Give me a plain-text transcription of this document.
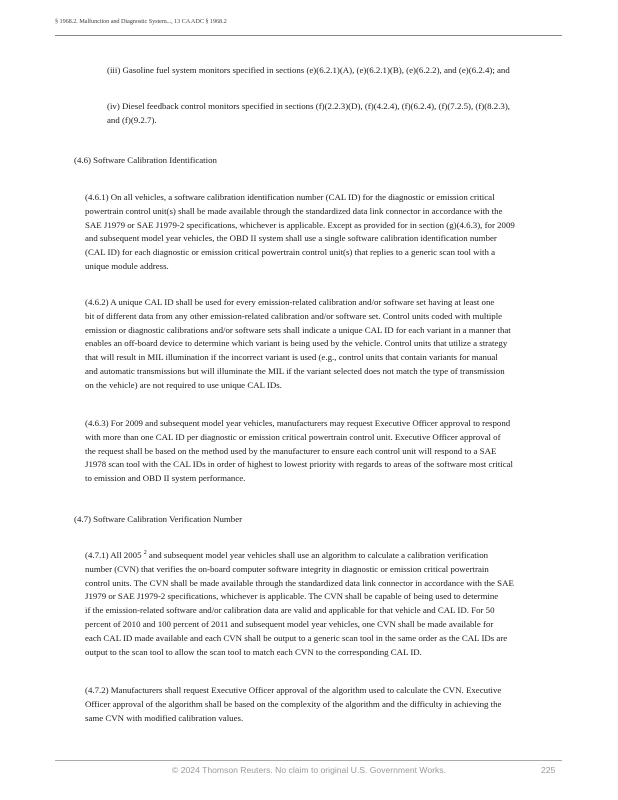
§ 1968.2. Malfunction and Diagnostic System..., 13 CA ADC § 1968.2
(iii) Gasoline fuel system monitors specified in sections (e)(6.2.1)(A), (e)(6.2.1)(B), (e)(6.2.2), and (e)(6.2.4); and
(iv) Diesel feedback control monitors specified in sections (f)(2.2.3)(D), (f)(4.2.4), (f)(6.2.4), (f)(7.2.5), (f)(8.2.3),
and (f)(9.2.7).
(4.6) Software Calibration Identification
(4.6.1) On all vehicles, a software calibration identification number (CAL ID) for the diagnostic or emission critical
powertrain control unit(s) shall be made available through the standardized data link connector in accordance with the
SAE J1979 or SAE J1979-2 specifications, whichever is applicable. Except as provided for in section (g)(4.6.3), for 2009
and subsequent model year vehicles, the OBD II system shall use a single software calibration identification number
(CAL ID) for each diagnostic or emission critical powertrain control unit(s) that replies to a generic scan tool with a
unique module address.
(4.6.2) A unique CAL ID shall be used for every emission-related calibration and/or software set having at least one
bit of different data from any other emission-related calibration and/or software set. Control units coded with multiple
emission or diagnostic calibrations and/or software sets shall indicate a unique CAL ID for each variant in a manner that
enables an off-board device to determine which variant is being used by the vehicle. Control units that utilize a strategy
that will result in MIL illumination if the incorrect variant is used (e.g., control units that contain variants for manual
and automatic transmissions but will illuminate the MIL if the variant selected does not match the type of transmission
on the vehicle) are not required to use unique CAL IDs.
(4.6.3) For 2009 and subsequent model year vehicles, manufacturers may request Executive Officer approval to respond
with more than one CAL ID per diagnostic or emission critical powertrain control unit. Executive Officer approval of
the request shall be based on the method used by the manufacturer to ensure each control unit will respond to a SAE
J1978 scan tool with the CAL IDs in order of highest to lowest priority with regards to areas of the software most critical
to emission and OBD II system performance.
(4.7) Software Calibration Verification Number
(4.7.1) All 2005 $^2$ and subsequent model year vehicles shall use an algorithm to calculate a calibration verification
number (CVN) that verifies the on-board computer software integrity in diagnostic or emission critical powertrain
control units. The CVN shall be made available through the standardized data link connector in accordance with the SAE
J1979 or SAE J1979-2 specifications, whichever is applicable. The CVN shall be capable of being used to determine
if the emission-related software and/or calibration data are valid and applicable for that vehicle and CAL ID. For 50
percent of 2010 and 100 percent of 2011 and subsequent model year vehicles, one CVN shall be made available for
each CAL ID made available and each CVN shall be output to a generic scan tool in the same order as the CAL IDs are
output to the scan tool to allow the scan tool to match each CVN to the corresponding CAL ID.
(4.7.2) Manufacturers shall request Executive Officer approval of the algorithm used to calculate the CVN. Executive
Officer approval of the algorithm shall be based on the complexity of the algorithm and the difficulty in achieving the
same CVN with modified calibration values.
© 2024 Thomson Reuters. No claim to original U.S. Government Works.	225
